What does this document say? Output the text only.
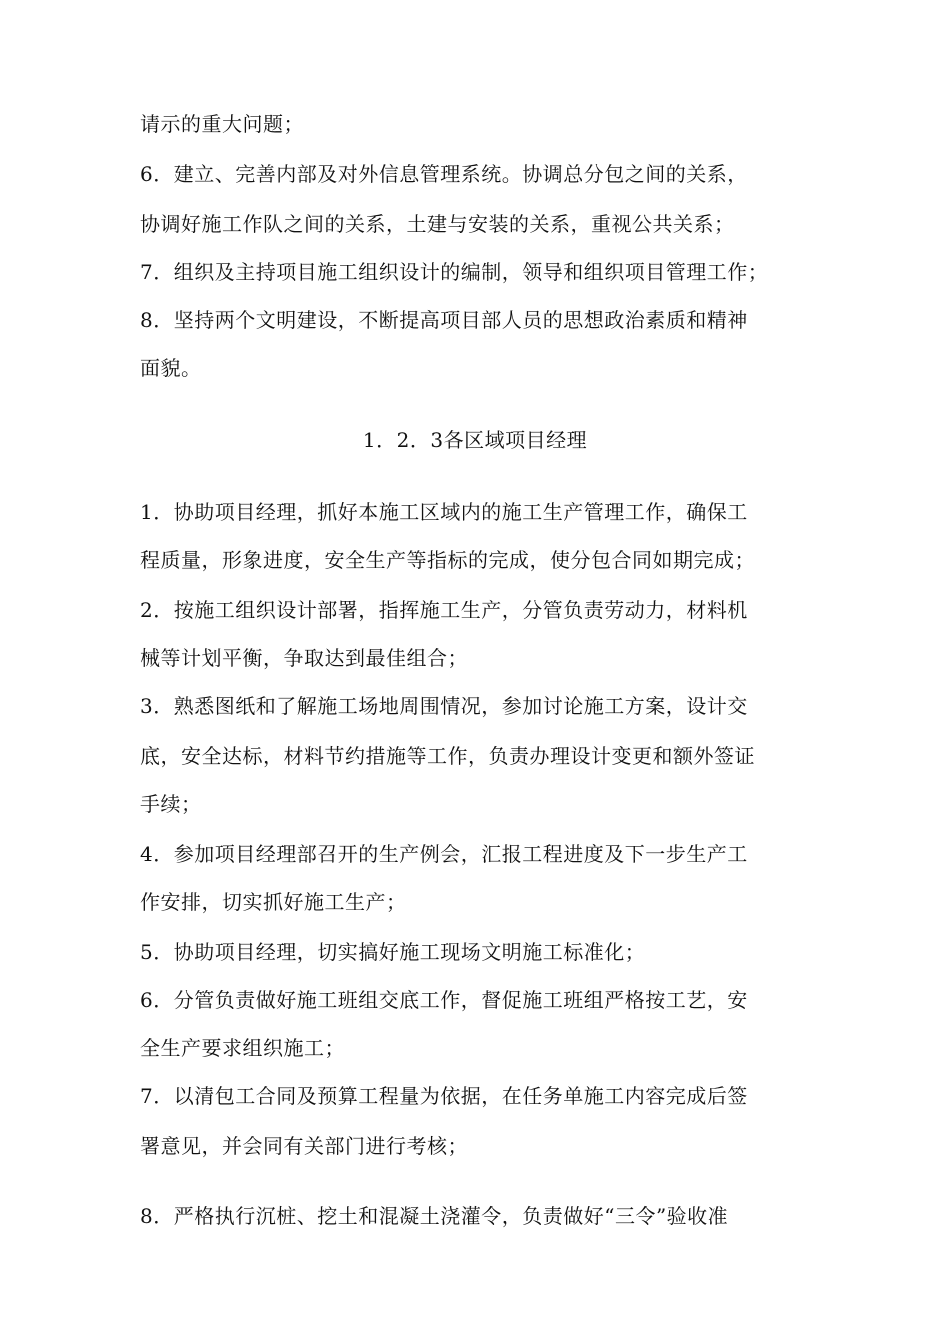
请示的重大问题；
6．建立、完善内部及对外信息管理系统。协调总分包之间的关系，
协调好施工作队之间的关系，土建与安装的关系，重视公共关系；
7．组织及主持项目施工组织设计的编制，领导和组织项目管理工作；
8．坚持两个文明建设，不断提高项目部人员的思想政治素质和精神
面貌。
1．2．3各区域项目经理
1．协助项目经理，抓好本施工区域内的施工生产管理工作，确保工
程质量，形象进度，安全生产等指标的完成，使分包合同如期完成；
2．按施工组织设计部署，指挥施工生产，分管负责劳动力，材料机
械等计划平衡，争取达到最佳组合；
3．熟悉图纸和了解施工场地周围情况，参加讨论施工方案，设计交
底，安全达标，材料节约措施等工作，负责办理设计变更和额外签证
手续；
4．参加项目经理部召开的生产例会，汇报工程进度及下一步生产工
作安排，切实抓好施工生产；
5．协助项目经理，切实搞好施工现场文明施工标准化；
6．分管负责做好施工班组交底工作，督促施工班组严格按工艺，安
全生产要求组织施工；
7．以清包工合同及预算工程量为依据，在任务单施工内容完成后签
署意见，并会同有关部门进行考核；
8．严格执行沉桩、挖土和混凝土浇灌令，负责做好“三令”验收准
